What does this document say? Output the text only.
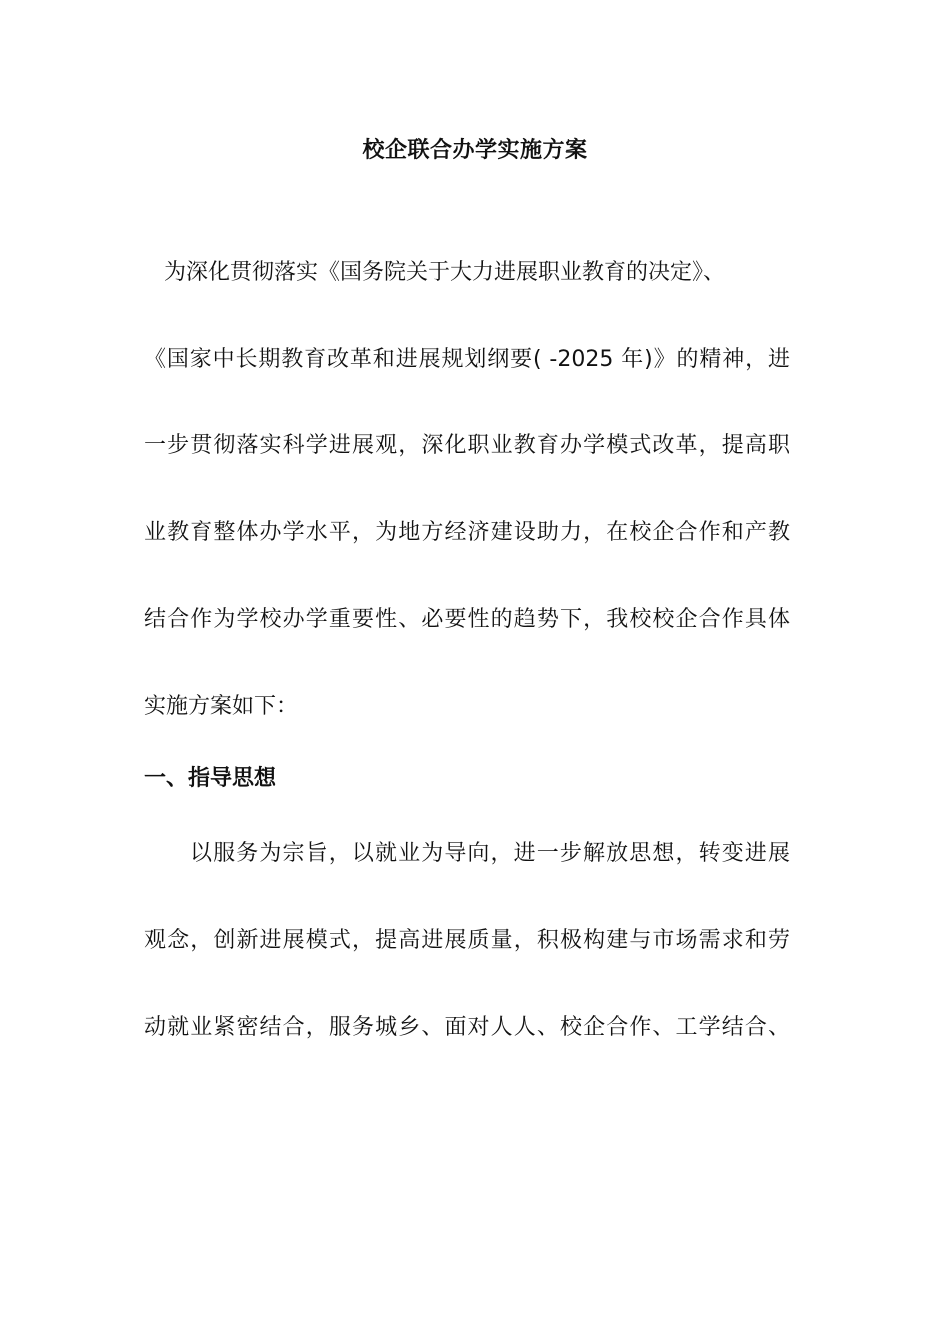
校企联合办学实施方案
为深化贯彻落实《国务院关于大力进展职业教育的决定》、
《国家中长期教育改革和进展规划纲要( -2025 年)》的精神，进
一步贯彻落实科学进展观，深化职业教育办学模式改革，提高职
业教育整体办学水平，为地方经济建设助力，在校企合作和产教
结合作为学校办学重要性、必要性的趋势下，我校校企合作具体
实施方案如下：
一、指导思想
以服务为宗旨，以就业为导向，进一步解放思想，转变进展
观念，创新进展模式，提高进展质量，积极构建与市场需求和劳
动就业紧密结合，服务城乡、面对人人、校企合作、工学结合、
